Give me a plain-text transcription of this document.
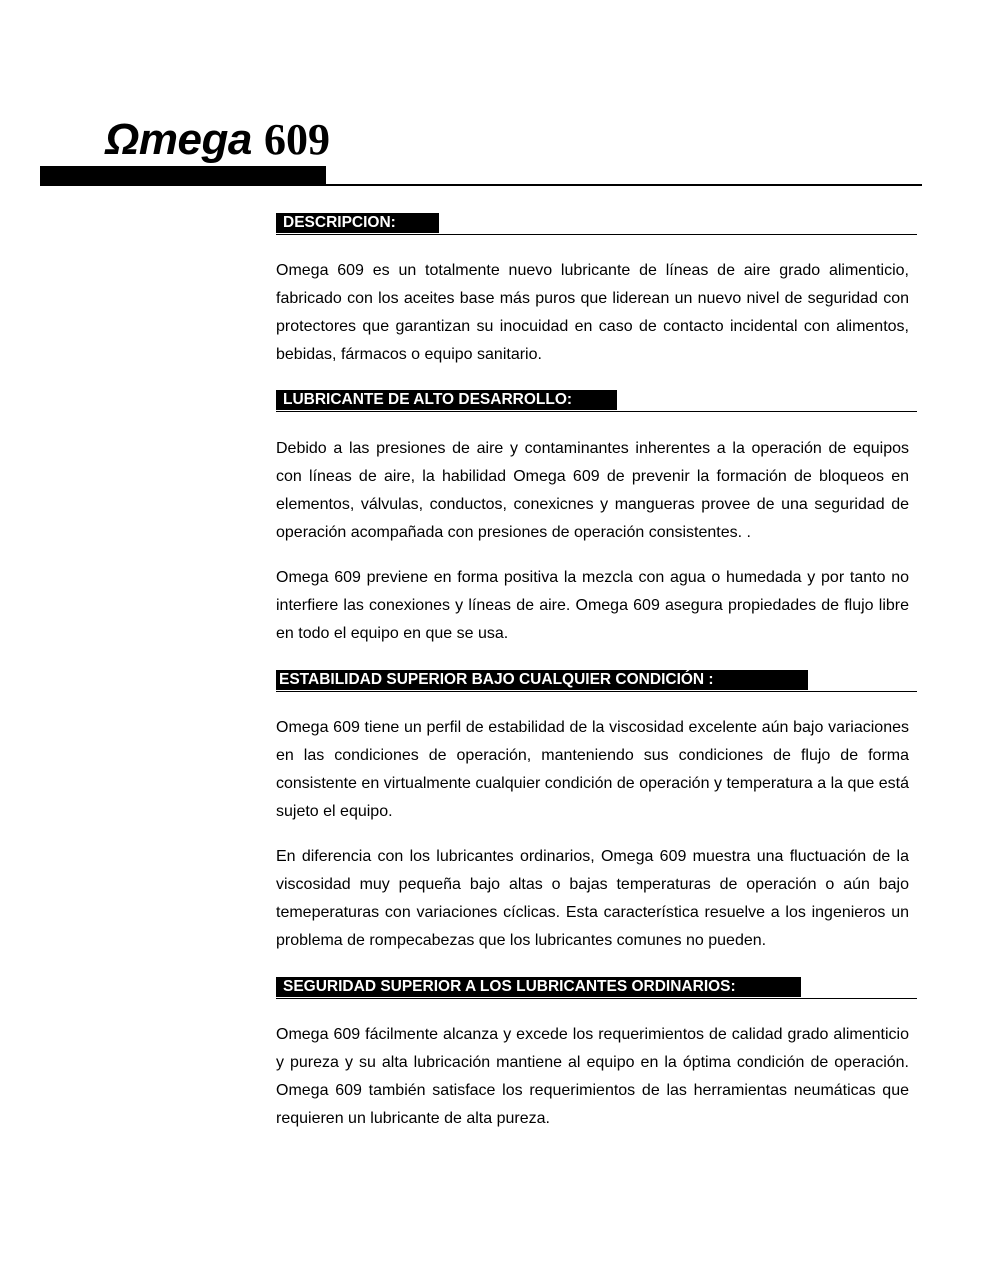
Ωmega 609
DESCRIPCION:

Omega 609 es un totalmente nuevo lubricante de líneas de aire grado alimenticio, fabricado con los aceites base más puros que liderean un nuevo nivel de seguridad con protectores que garantizan su inocuidad en caso de contacto incidental con alimentos, bebidas, fármacos o equipo sanitario.

LUBRICANTE DE ALTO DESARROLLO:

Debido a las presiones de aire y contaminantes inherentes a la operación de equipos con líneas de aire, la habilidad Omega 609 de prevenir la formación de bloqueos en elementos, válvulas, conductos, conexicnes y mangueras provee de una seguridad de operación acompañada con presiones de operación consistentes. .

Omega 609 previene en forma positiva la mezcla con agua o humedada y por tanto no interfiere las conexiones y líneas de aire. Omega 609 asegura propiedades de flujo libre en todo el equipo en que se usa.

ESTABILIDAD SUPERIOR BAJO CUALQUIER CONDICIÓN :

Omega 609 tiene un perfil de estabilidad de la viscosidad excelente aún bajo variaciones en las condiciones de operación, manteniendo sus condiciones de flujo de forma consistente en virtualmente cualquier condición de operación y temperatura a la que está sujeto el equipo.

En diferencia con los lubricantes ordinarios, Omega 609 muestra una fluctuación de la viscosidad muy pequeña bajo altas o bajas temperaturas de operación o aún bajo temeperaturas con variaciones cíclicas. Esta característica resuelve a los ingenieros un problema de rompecabezas que los lubricantes comunes no pueden.

SEGURIDAD SUPERIOR A LOS LUBRICANTES ORDINARIOS:

Omega 609 fácilmente alcanza y excede los requerimientos de calidad grado alimenticio y pureza y su alta lubricación mantiene al equipo en la óptima condición de operación. Omega 609 también satisface los requerimientos de las herramientas neumáticas que requieren un lubricante de alta pureza.
